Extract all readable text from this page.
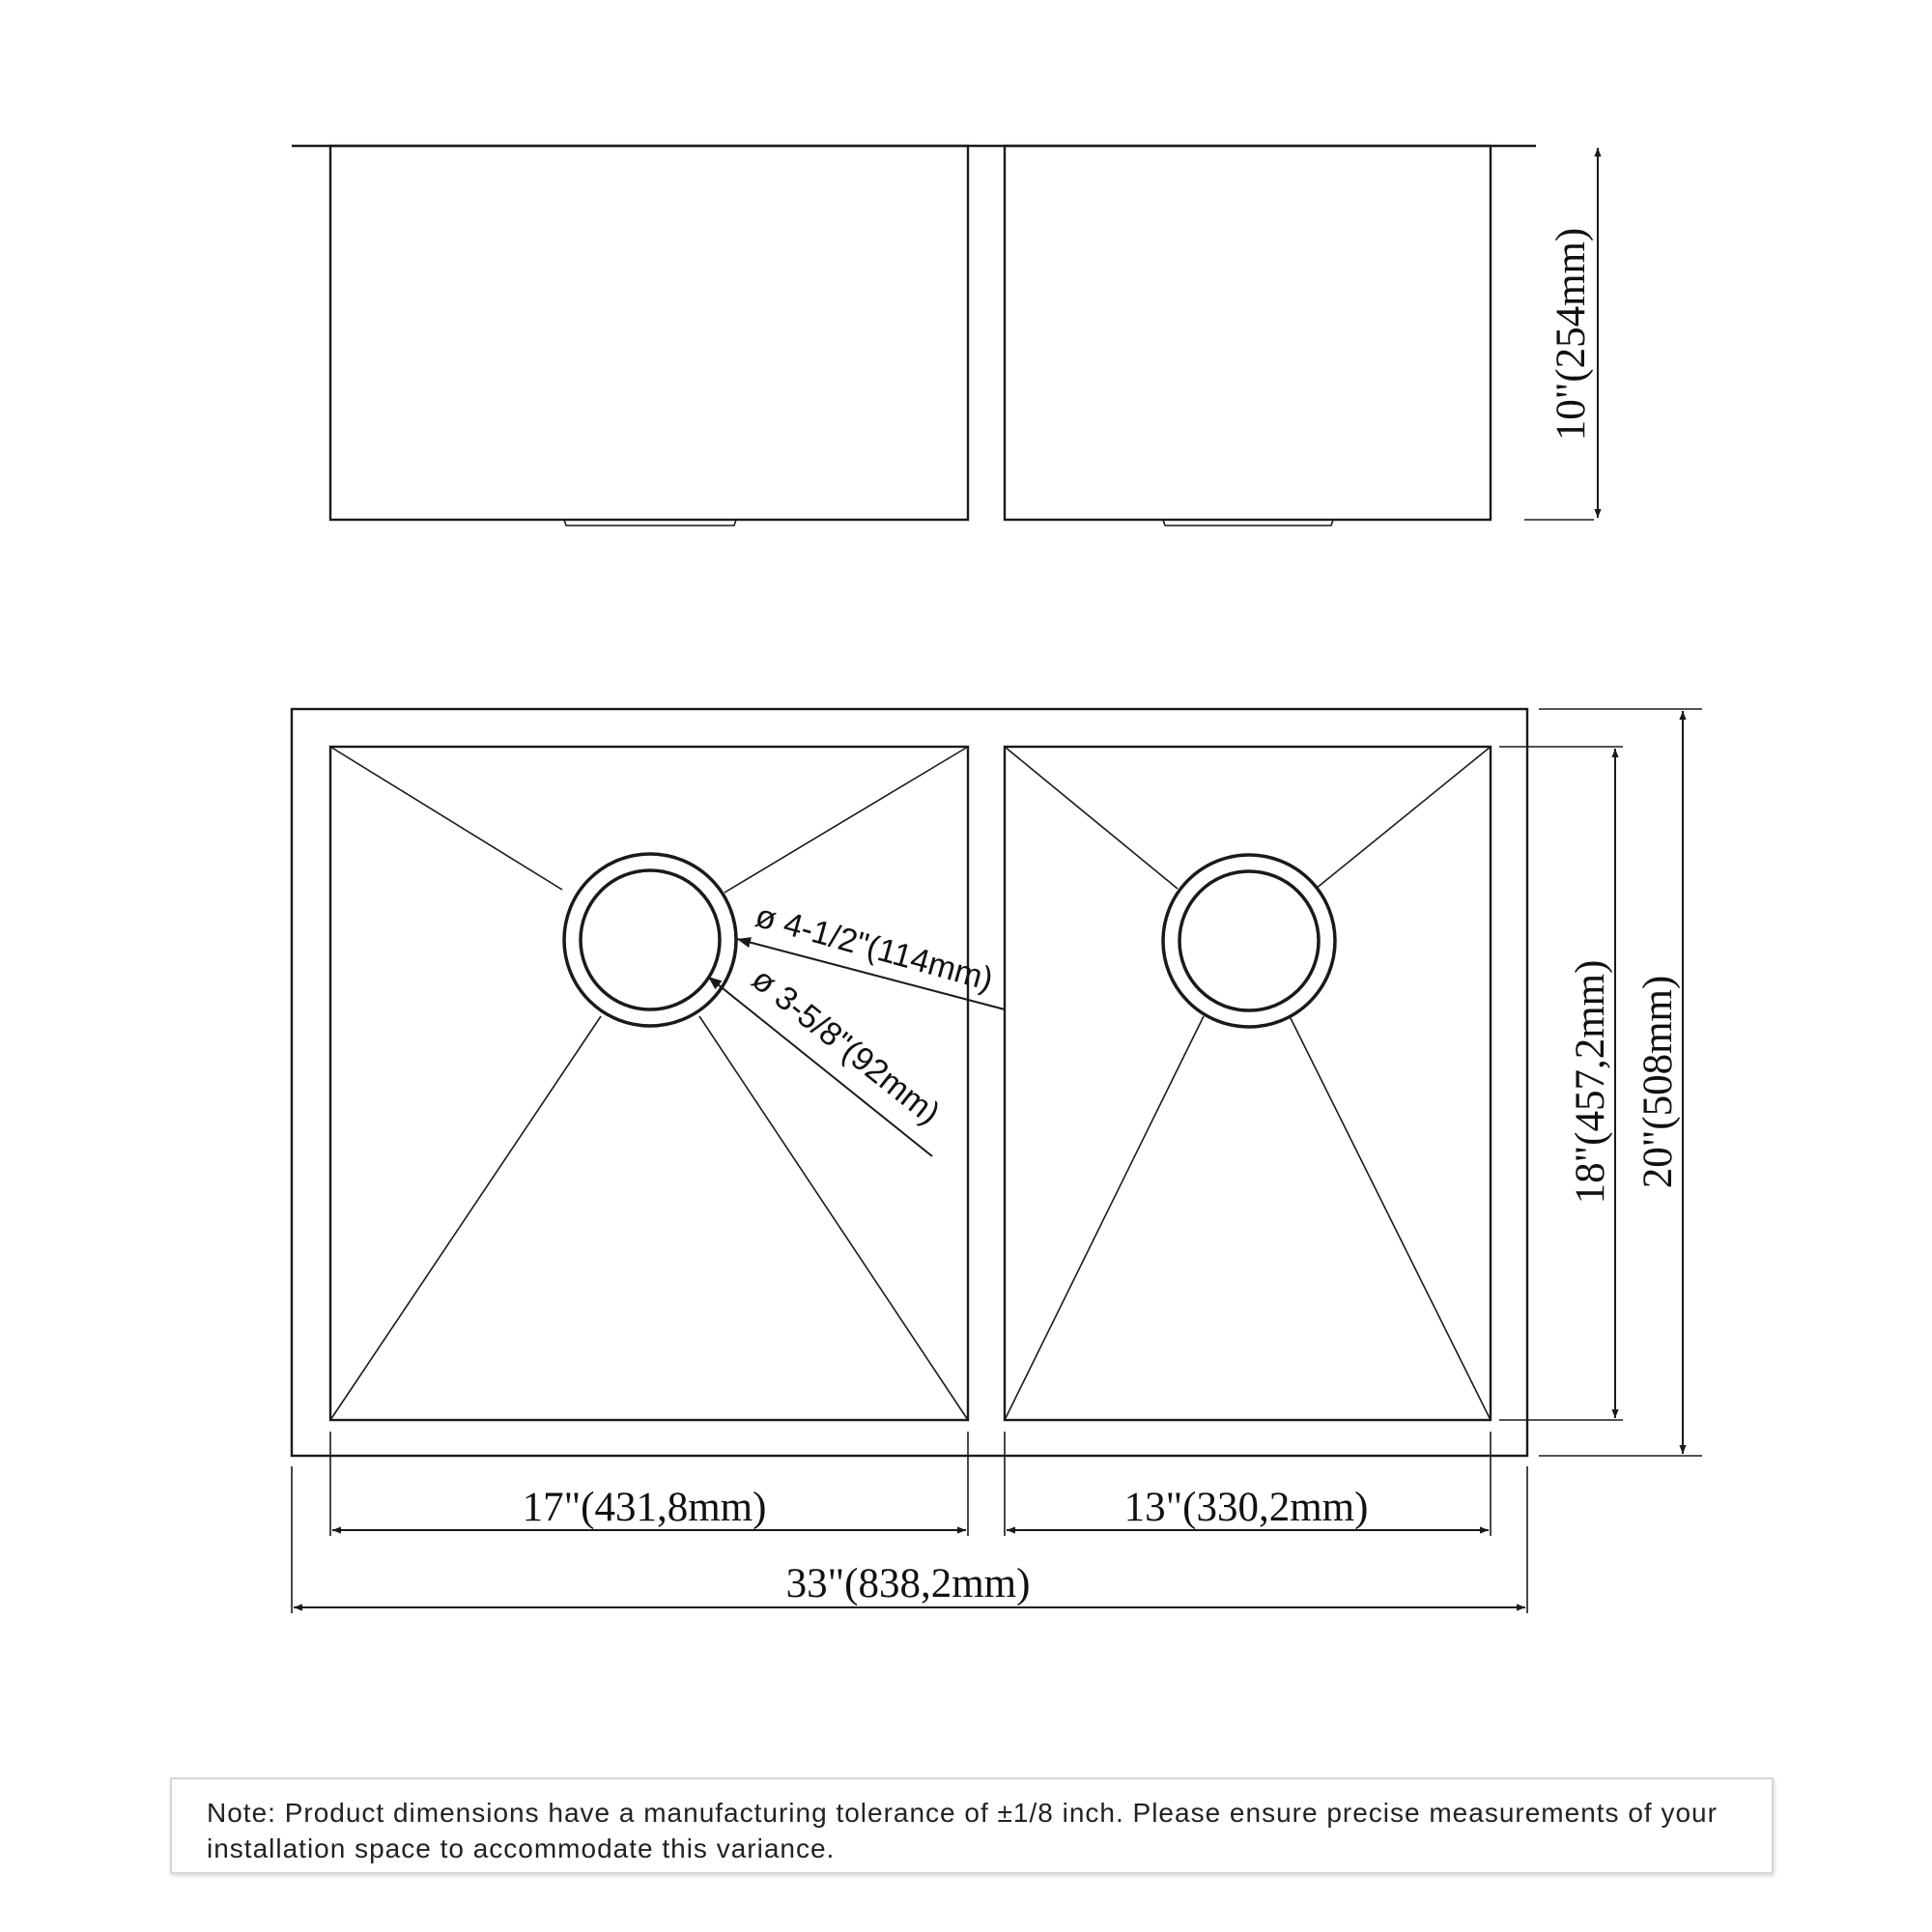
10"(254mm)
ø 4-1/2"(114mm)
ø 3-5/8"(92mm)
17"(431,8mm)	13"(330,2mm)
33"(838,2mm)
18"(457,2mm) 20"(508mm)

Note: Product dimensions have a manufacturing tolerance of ±1/8 inch. Please ensure precise measurements of your installation space to accommodate this variance.
